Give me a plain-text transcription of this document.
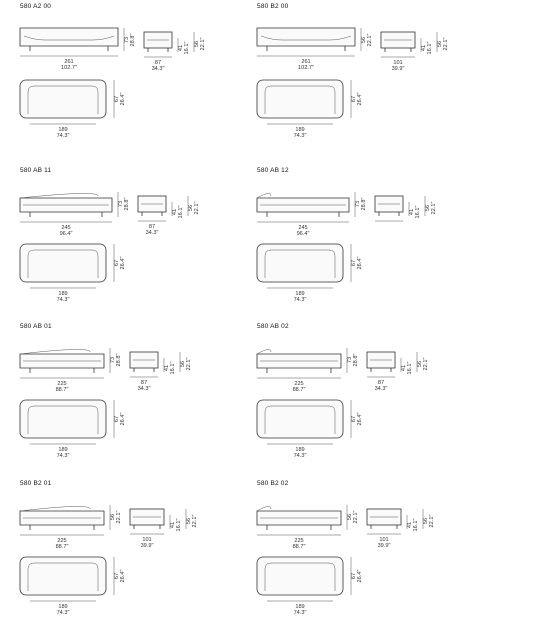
580 A2 00
73 28.8"
261
102.7"
41 16.1" 56 22.1"
87
34.3"
67 26.4"
189
74.3"
580 B2 00
56 22.1"
261
102.7"
41 16.1" 56 22.1"
101
39.9"
67 26.4"
189
74.3"
580 AB 11
73 28.8"
245
96.4"
41 16.1" 56 22.1"
87
34.3"
67 26.4"
189
74.3"
580 AB 12
73 28.8"
245
96.4"
41 16.1" 56 22.1"
67 26.4"
189
74.3"
580 AB 01
73 28.8"
225
88.7"
41 16.1" 56 22.1"
87
34.3"
67 26.4"
189
74.3"
580 AB 02
73 28.8"
225
88.7"
41 16.1" 56 22.1"
87
34.3"
67 26.4"
189
74.3"
580 B2 01
56 22.1"
225
88.7"
41 16.1" 56 22.1"
101
39.9"
67 26.4"
189
74.3"
580 B2 02
56 22.1"
225
88.7"
41 16.1" 56 22.1"
101
39.9"
67 26.4"
189
74.3"
